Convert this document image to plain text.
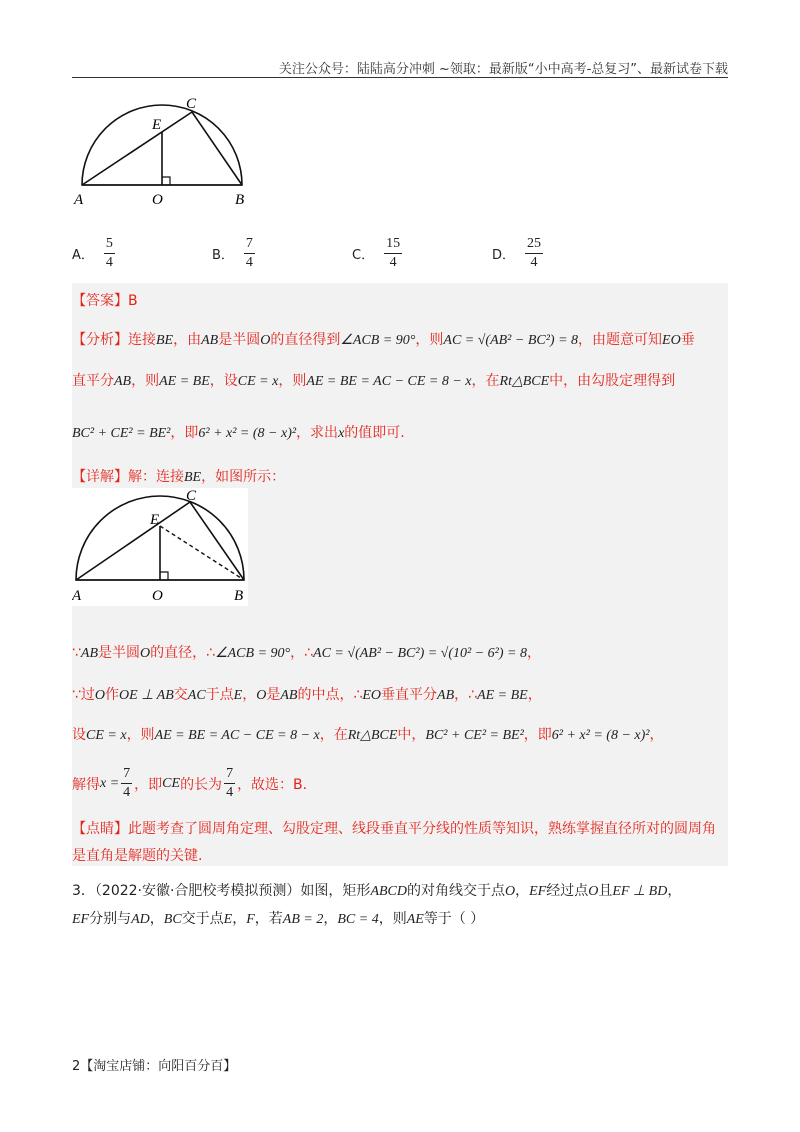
关注公众号：陆陆高分冲刺 ~领取：最新版“小中高考-总复习”、最新试卷下载
A	O	B
C
E
A． $\frac{5}{4}$	B． $\frac{7}{4}$	C． $\frac{15}{4}$	D． $\frac{25}{4}$
【答案】B
【分析】连接BE，由AB是半圆O的直径得到∠ACB = 90°，则AC = √(AB² − BC²) = 8，由题意可知EO垂
直平分AB，则AE = BE，设CE = x，则AE = BE = AC − CE = 8 − x，在Rt△BCE中，由勾股定理得到
BC² + CE² = BE²，即6² + x² = (8 − x)²，求出x的值即可.
【详解】解：连接BE，如图所示：
A	O	B
C
E
∵AB是半圆O的直径，∴∠ACB = 90°，∴AC = √(AB² − BC²) = √(10² − 6²) = 8，
∵过O作OE ⊥ AB交AC于点E，O是AB的中点，∴EO垂直平分AB，∴AE = BE，
设CE = x，则AE = BE = AC − CE = 8 − x，在Rt△BCE中，BC² + CE² = BE²，即6² + x² = (8 − x)²，
解得 $x = \frac{7}{4}$ ，即 CE 的长为 $\frac{7}{4}$ ，故选：B.
【点睛】此题考查了圆周角定理、勾股定理、线段垂直平分线的性质等知识，熟练掌握直径所对的圆周角
是直角是解题的关键.
3．（2022·安徽·合肥校考模拟预测）如图，矩形ABCD的对角线交于点O，EF经过点O且EF ⊥ BD，
EF分别与AD，BC交于点E，F，若AB = 2，BC = 4，则AE等于（ ）
2【淘宝店铺：向阳百分百】
